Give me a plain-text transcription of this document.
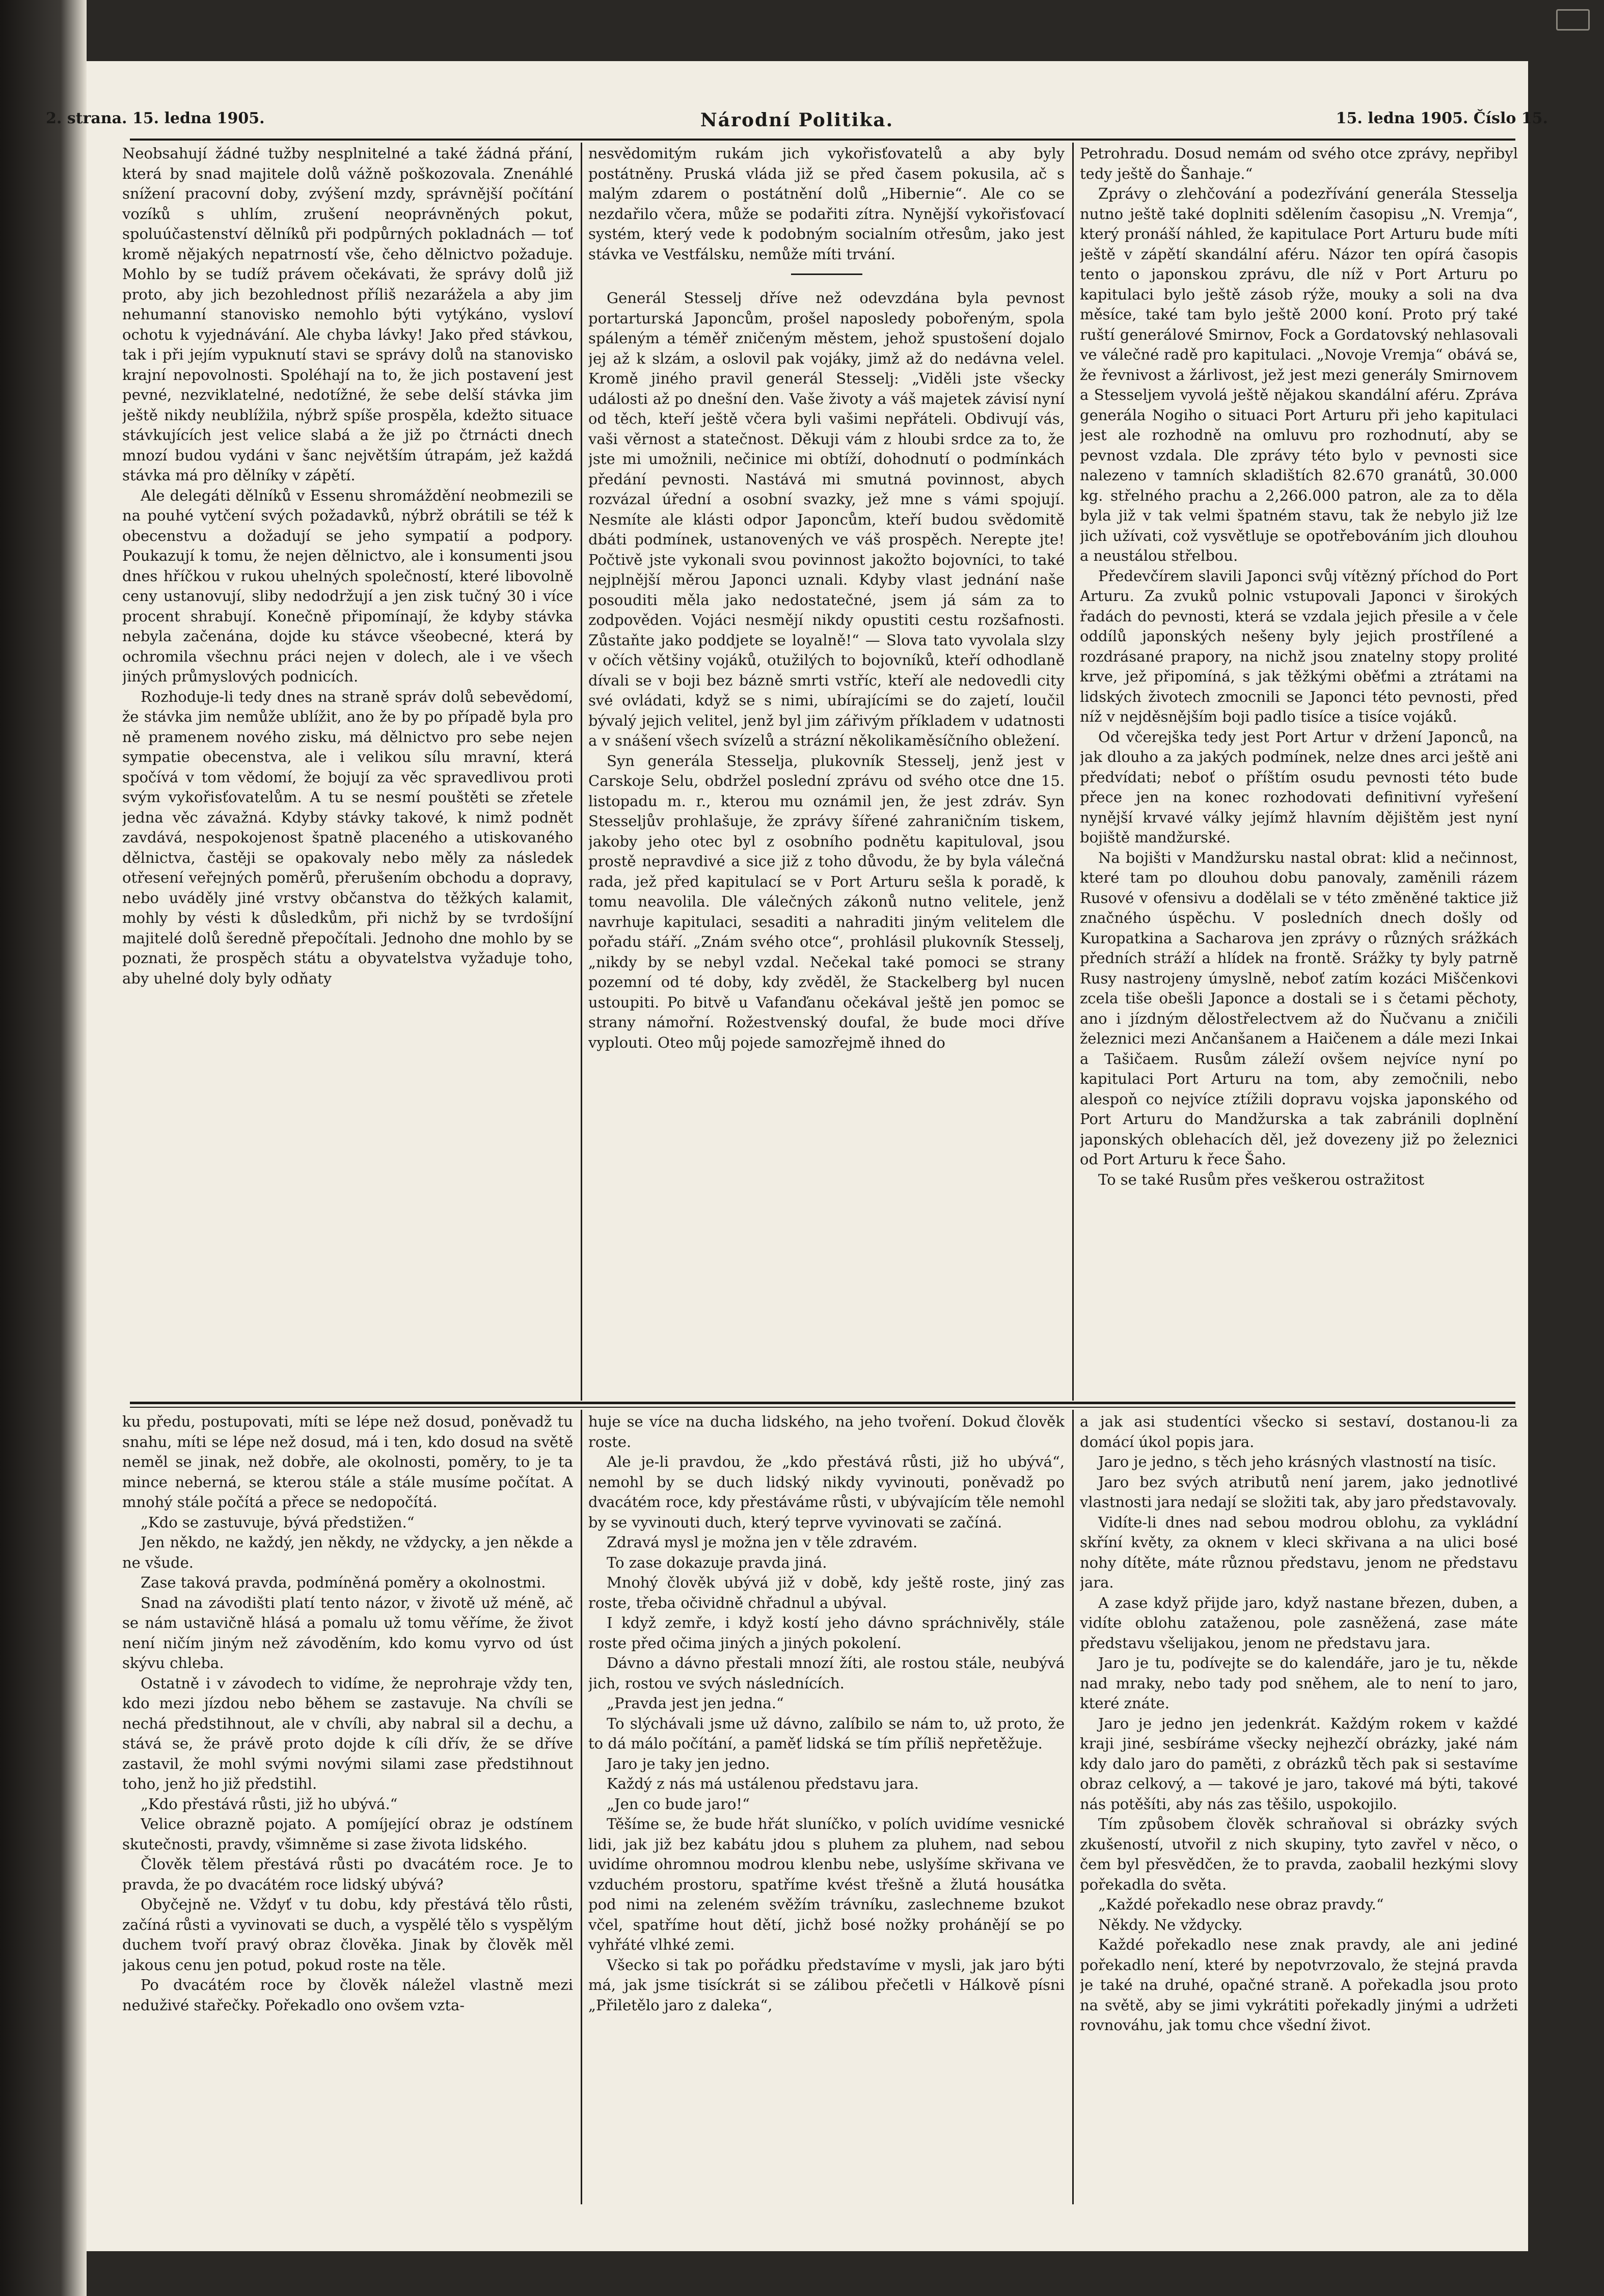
2. strana. 15. ledna 1905.	Národní Politika.	15. ledna 1905. Číslo 15.

Neobsahují žádné tužby nesplnitelné a také žádná přání, která by snad majitele dolů vážně poškozovala. Znenáhlé snížení pracovní doby, zvýšení mzdy, správnější počítání vozíků s uhlím, zrušení neoprávněných pokut, spoluúčastenství dělníků při podpůrných pokladnách — toť kromě nějakých nepatrností vše, čeho dělnictvo požaduje. Mohlo by se tudíž právem očekávati, že správy dolů již proto, aby jich bezohlednost příliš nezarážela a aby jim nehumanní stanovisko nemohlo býti vytýkáno, vysloví ochotu k vyjednávání. Ale chyba lávky! Jako před stávkou, tak i při jejím vypuknutí stavi se správy dolů na stanovisko krajní nepovolnosti. Spoléhají na to, že jich postavení jest pevné, nezviklatelné, nedotížné, že sebe delší stávka jim ještě nikdy neublížila, nýbrž spíše prospěla, kdežto situace stávkujících jest velice slabá a že již po čtrnácti dnech mnozí budou vydáni v šanc největším útrapám, jež každá stávka má pro dělníky v zápětí.

Ale delegáti dělníků v Essenu shromáždění neobmezili se na pouhé vytčení svých požadavků, nýbrž obrátili se též k obecenstvu a dožadují se jeho sympatií a podpory. Poukazují k tomu, že nejen dělnictvo, ale i konsumenti jsou dnes hříčkou v rukou uhelných společností, které libovolně ceny ustanovují, sliby nedodržují a jen zisk tučný 30 i více procent shrabují. Konečně připomínají, že kdyby stávka nebyla začenána, dojde ku stávce všeobecné, která by ochromila všechnu práci nejen v dolech, ale i ve všech jiných průmyslových podnicích.

Rozhoduje-li tedy dnes na straně správ dolů sebevědomí, že stávka jim nemůže ublížit, ano že by po případě byla pro ně pramenem nového zisku, má dělnictvo pro sebe nejen sympatie obecenstva, ale i velikou sílu mravní, která spočívá v tom vědomí, že bojují za věc spravedlivou proti svým vykořisťovatelům. A tu se nesmí pouštěti se zřetele jedna věc závažná. Kdyby stávky takové, k nimž podnět zavdává, nespokojenost špatně placeného a utiskovaného dělnictva, častěji se opakovaly nebo měly za následek otřesení veřejných poměrů, přerušením obchodu a dopravy, nebo uváděly jiné vrstvy občanstva do těžkých kalamit, mohly by vésti k důsledkům, při nichž by se tvrdošíjní majitelé dolů šeredně přepočítali. Jednoho dne mohlo by se poznati, že prospěch státu a obyvatelstva vyžaduje toho, aby uhelné doly byly odňaty

nesvědomitým rukám jich vykořisťovatelů a aby byly postátněny. Pruská vláda již se před časem pokusila, ač s malým zdarem o postátnění dolů „Hibernie“. Ale co se nezdařilo včera, může se podařiti zítra. Nynější vykořisťovací systém, který vede k podobným socialním otřesům, jako jest stávka ve Vestfálsku, nemůže míti trvání.

Generál Stesselj dříve než odevzdána byla pevnost portarturská Japoncům, prošel naposledy pobořeným, spola spáleným a téměř zničeným městem, jehož spustošení dojalo jej až k slzám, a oslovil pak vojáky, jimž až do nedávna velel. Kromě jiného pravil generál Stesselj: „Viděli jste všecky události až po dnešní den. Vaše životy a váš majetek závisí nyní od těch, kteří ještě včera byli vašimi nepřáteli. Obdivují vás, vaši věrnost a statečnost. Děkuji vám z hloubi srdce za to, že jste mi umožnili, nečinice mi obtíží, dohodnutí o podmínkách předání pevnosti. Nastává mi smutná povinnost, abych rozvázal úřední a osobní svazky, jež mne s vámi spojují. Nesmíte ale klásti odpor Japoncům, kteří budou svědomitě dbáti podmínek, ustanovených ve váš prospěch. Nerepte jte! Počtivě jste vykonali svou povinnost jakožto bojovníci, to také nejplnější měrou Japonci uznali. Kdyby vlast jednání naše posouditi měla jako nedostatečné, jsem já sám za to zodpověden. Vojáci nesmějí nikdy opustiti cestu rozšafnosti. Zůstaňte jako poddjete se loyalně!“ — Slova tato vyvolala slzy v očích většiny vojáků, otužilých to bojovníků, kteří odhodlaně dívali se v boji bez bázně smrti vstříc, kteří ale nedovedli city své ovládati, když se s nimi, ubírajícími se do zajetí, loučil bývalý jejich velitel, jenž byl jim zářivým příkladem v udatnosti a v snášení všech svízelů a strázní několikaměsíčního obležení.

Syn generála Stesselja, plukovník Stesselj, jenž jest v Carskoje Selu, obdržel poslední zprávu od svého otce dne 15. listopadu m. r., kterou mu oznámil jen, že jest zdráv. Syn Stesseljův prohlašuje, že zprávy šířené zahraničním tiskem, jakoby jeho otec byl z osobního podnětu kapituloval, jsou prostě nepravdivé a sice již z toho důvodu, že by byla válečná rada, jež před kapitulací se v Port Arturu sešla k poradě, k tomu neavolila. Dle válečných zákonů nutno velitele, jenž navrhuje kapitulaci, sesaditi a nahraditi jiným velitelem dle pořadu stáří. „Znám svého otce“, prohlásil plukovník Stesselj, „nikdy by se nebyl vzdal. Nečekal také pomoci se strany pozemní od té doby, kdy zvěděl, že Stackelberg byl nucen ustoupiti. Po bitvě u Vafanďanu očekával ještě jen pomoc se strany námořní. Rožestvenský doufal, že bude moci dříve vyplouti. Oteo můj pojede samozřejmě ihned do

Petrohradu. Dosud nemám od svého otce zprávy, nepřibyl tedy ještě do Šanhaje.“

Zprávy o zlehčování a podezřívání generála Stesselja nutno ještě také doplniti sdělením časopisu „N. Vremja“, který pronáší náhled, že kapitulace Port Arturu bude míti ještě v zápětí skandální aféru. Názor ten opírá časopis tento o japonskou zprávu, dle níž v Port Arturu po kapitulaci bylo ještě zásob rýže, mouky a soli na dva měsíce, také tam bylo ještě 2000 koní. Proto prý také ruští generálové Smirnov, Fock a Gordatovský nehlasovali ve válečné radě pro kapitulaci. „Novoje Vremja“ obává se, že řevnivost a žárlivost, jež jest mezi generály Smirnovem a Stesseljem vyvolá ještě nějakou skandální aféru. Zpráva generála Nogiho o situaci Port Arturu při jeho kapitulaci jest ale rozhodně na omluvu pro rozhodnutí, aby se pevnost vzdala. Dle zprávy této bylo v pevnosti sice nalezeno v tamních skladištích 82.670 granátů, 30.000 kg. střelného prachu a 2,266.000 patron, ale za to děla byla již v tak velmi špatném stavu, tak že nebylo již lze jich užívati, což vysvětluje se opotřebováním jich dlouhou a neustálou střelbou.

Předevčírem slavili Japonci svůj vítězný příchod do Port Arturu. Za zvuků polnic vstupovali Japonci v širokých řadách do pevnosti, která se vzdala jejich přesile a v čele oddílů japonských nešeny byly jejich prostřílené a rozdrásané prapory, na nichž jsou znatelny stopy prolité krve, jež připomíná, s jak těžkými oběťmi a ztrátami na lidských životech zmocnili se Japonci této pevnosti, před níž v nejděsnějším boji padlo tisíce a tisíce vojáků.

Od včerejška tedy jest Port Artur v držení Japonců, na jak dlouho a za jakých podmínek, nelze dnes arci ještě ani předvídati; neboť o příštím osudu pevnosti této bude přece jen na konec rozhodovati definitivní vyřešení nynější krvavé války jejímž hlavním dějištěm jest nyní bojiště mandžurské.

Na bojišti v Mandžursku nastal obrat: klid a nečinnost, které tam po dlouhou dobu panovaly, zaměnili rázem Rusové v ofensivu a dodělali se v této změněné taktice již značného úspěchu. V posledních dnech došly od Kuropatkina a Sacharova jen zprávy o různých srážkách předních stráží a hlídek na frontě. Srážky ty byly patrně Rusy nastrojeny úmyslně, neboť zatím kozáci Miščenkovi zcela tiše obešli Japonce a dostali se i s četami pěchoty, ano i jízdným dělostřelectvem až do Ňučvanu a zničili železnici mezi Ančanšanem a Haičenem a dále mezi Inkai a Tašičaem. Rusům záleží ovšem nejvíce nyní po kapitulaci Port Arturu na tom, aby zemočnili, nebo alespoň co nejvíce ztížili dopravu vojska japonského od Port Arturu do Mandžurska a tak zabránili doplnění japonských oblehacích děl, jež dovezeny již po železnici od Port Arturu k řece Šaho.

To se také Rusům přes veškerou ostražitost

ku předu, postupovati, míti se lépe než dosud, poněvadž tu snahu, míti se lépe než dosud, má i ten, kdo dosud na světě neměl se jinak, než dobře, ale okolnosti, poměry, to je ta mince neberná, se kterou stále a stále musíme počítat. A mnohý stále počítá a přece se nedopočítá.

„Kdo se zastuvuje, bývá předstižen.“

Jen někdo, ne každý, jen někdy, ne vždycky, a jen někde a ne všude.

Zase taková pravda, podmíněná poměry a okolnostmi.

Snad na závodišti platí tento názor, v životě už méně, ač se nám ustavičně hlásá a pomalu už tomu věříme, že život není ničím jiným než závoděním, kdo komu vyrvo od úst skývu chleba.

Ostatně i v závodech to vidíme, že neprohraje vždy ten, kdo mezi jízdou nebo během se zastavuje. Na chvíli se nechá předstihnout, ale v chvíli, aby nabral sil a dechu, a stává se, že právě proto dojde k cíli dřív, že se dříve zastavil, že mohl svými novými silami zase předstihnout toho, jenž ho již předstihl.

„Kdo přestává růsti, již ho ubývá.“

Velice obrazně pojato. A pomíjející obraz je odstínem skutečnosti, pravdy, všimněme si zase života lidského.

Člověk tělem přestává růsti po dvacátém roce. Je to pravda, že po dvacátém roce lidský ubývá?

Obyčejně ne. Vždyť v tu dobu, kdy přestává tělo růsti, začíná růsti a vyvinovati se duch, a vyspělé tělo s vyspělým duchem tvoří pravý obraz člověka. Jinak by člověk měl jakous cenu jen potud, pokud roste na těle.

Po dvacátém roce by člověk náležel vlastně mezi neduživé stařečky. Pořekadlo ono ovšem vzta-

huje se více na ducha lidského, na jeho tvoření. Dokud člověk roste.

Ale je-li pravdou, že „kdo přestává růsti, již ho ubývá“, nemohl by se duch lidský nikdy vyvinouti, poněvadž po dvacátém roce, kdy přestáváme růsti, v ubývajícím těle nemohl by se vyvinouti duch, který teprve vyvinovati se začíná.

Zdravá mysl je možna jen v těle zdravém.

To zase dokazuje pravda jiná.

Mnohý člověk ubývá již v době, kdy ještě roste, jiný zas roste, třeba očividně chřadnul a ubýval.

I když zemře, i když kostí jeho dávno spráchnivěly, stále roste před očima jiných a jiných pokolení.

Dávno a dávno přestali mnozí žíti, ale rostou stále, neubývá jich, rostou ve svých následnících.

„Pravda jest jen jedna.“

To slýchávali jsme už dávno, zalíbilo se nám to, už proto, že to dá málo počítání, a paměť lidská se tím příliš nepřetěžuje.

Jaro je taky jen jedno.

Každý z nás má ustálenou představu jara.

„Jen co bude jaro!“

Těšíme se, že bude hřát sluníčko, v polích uvidíme vesnické lidi, jak již bez kabátu jdou s pluhem za pluhem, nad sebou uvidíme ohromnou modrou klenbu nebe, uslyšíme skřivana ve vzduchém prostoru, spatříme kvést třešně a žlutá housátka pod nimi na zeleném svěžím trávníku, zaslechneme bzukot včel, spatříme hout dětí, jichž bosé nožky prohánějí se po vyhřáté vlhké zemi.

Všecko si tak po pořádku představíme v mysli, jak jaro býti má, jak jsme tisíckrát si se zálibou přečetli v Hálkově písni „Přiletělo jaro z daleka“,

a jak asi studentíci všecko si sestaví, dostanou-li za domácí úkol popis jara.

Jaro je jedno, s těch jeho krásných vlastností na tisíc.

Jaro bez svých atributů není jarem, jako jednotlivé vlastnosti jara nedají se složiti tak, aby jaro představovaly.

Vidíte-li dnes nad sebou modrou oblohu, za vykládní skříní květy, za oknem v kleci skřivana a na ulici bosé nohy dítěte, máte různou představu, jenom ne představu jara.

A zase když přijde jaro, když nastane březen, duben, a vidíte oblohu zataženou, pole zasněžená, zase máte představu všelijakou, jenom ne představu jara.

Jaro je tu, podívejte se do kalendáře, jaro je tu, někde nad mraky, nebo tady pod sněhem, ale to není to jaro, které znáte.

Jaro je jedno jen jedenkrát. Každým rokem v každé kraji jiné, sesbíráme všecky nejhezčí obrázky, jaké nám kdy dalo jaro do paměti, z obrázků těch pak si sestavíme obraz celkový, a — takové je jaro, takové má býti, takové nás potěšíti, aby nás zas těšilo, uspokojilo.

Tím způsobem člověk schraňoval si obrázky svých zkušeností, utvořil z nich skupiny, tyto zavřel v něco, o čem byl přesvědčen, že to pravda, zaobalil hezkými slovy pořekadla do světa.

„Každé pořekadlo nese obraz pravdy.“

Někdy. Ne vždycky.

Každé pořekadlo nese znak pravdy, ale ani jediné pořekadlo není, které by nepotvrzovalo, že stejná pravda je také na druhé, opačné straně. A pořekadla jsou proto na světě, aby se jimi vykrátiti pořekadly jinými a udržeti rovnováhu, jak tomu chce všední život.
